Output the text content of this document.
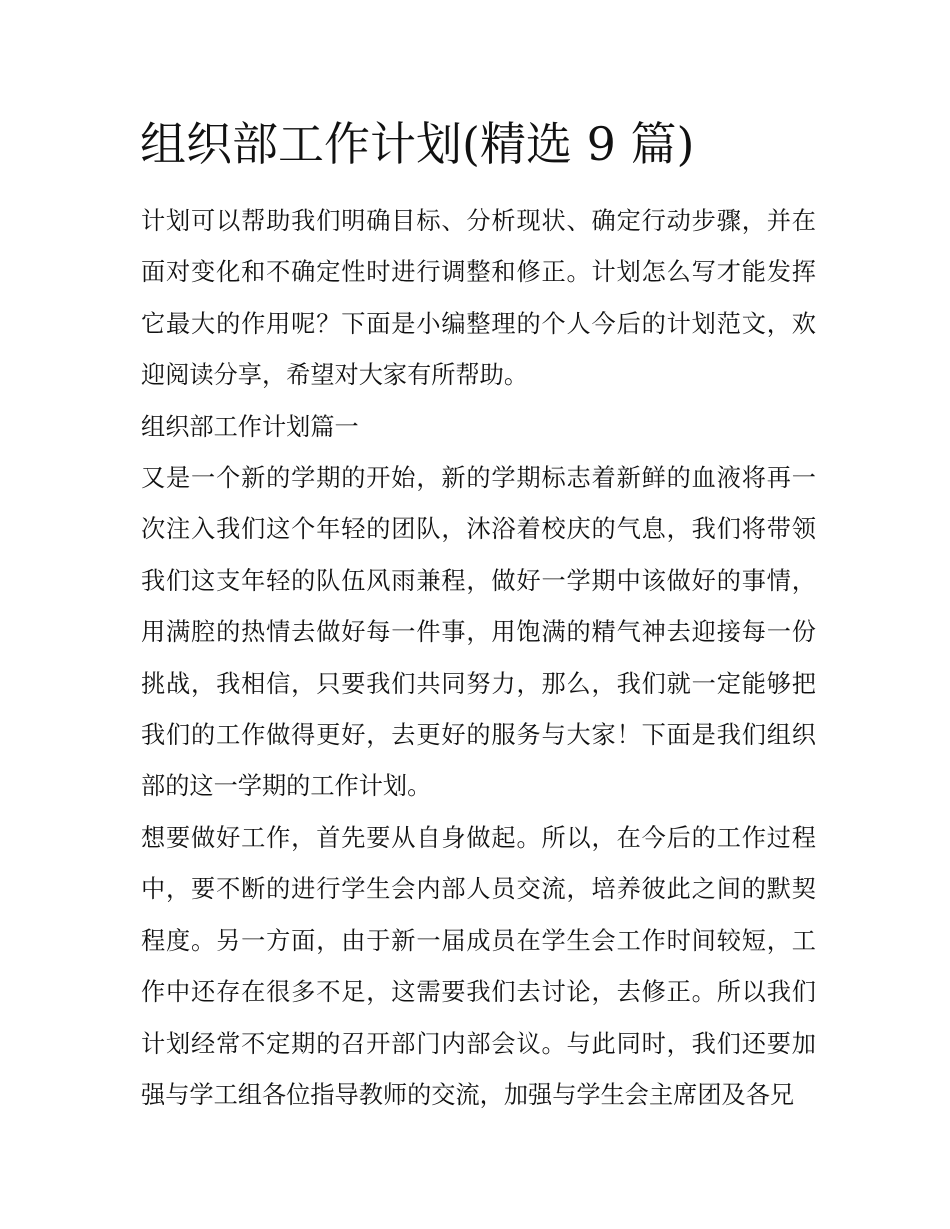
组织部工作计划(精选 9 篇)

计划可以帮助我们明确目标、分析现状、确定行动步骤，并在面对变化和不确定性时进行调整和修正。计划怎么写才能发挥它最大的作用呢？下面是小编整理的个人今后的计划范文，欢迎阅读分享，希望对大家有所帮助。

组织部工作计划篇一

又是一个新的学期的开始，新的学期标志着新鲜的血液将再一次注入我们这个年轻的团队，沐浴着校庆的气息，我们将带领我们这支年轻的队伍风雨兼程，做好一学期中该做好的事情，用满腔的热情去做好每一件事，用饱满的精气神去迎接每一份挑战，我相信，只要我们共同努力，那么，我们就一定能够把我们的工作做得更好，去更好的服务与大家！下面是我们组织部的这一学期的工作计划。

想要做好工作，首先要从自身做起。所以，在今后的工作过程中，要不断的进行学生会内部人员交流，培养彼此之间的默契程度。另一方面，由于新一届成员在学生会工作时间较短，工作中还存在很多不足，这需要我们去讨论，去修正。所以我们计划经常不定期的召开部门内部会议。与此同时，我们还要加强与学工组各位指导教师的交流，加强与学生会主席团及各兄
